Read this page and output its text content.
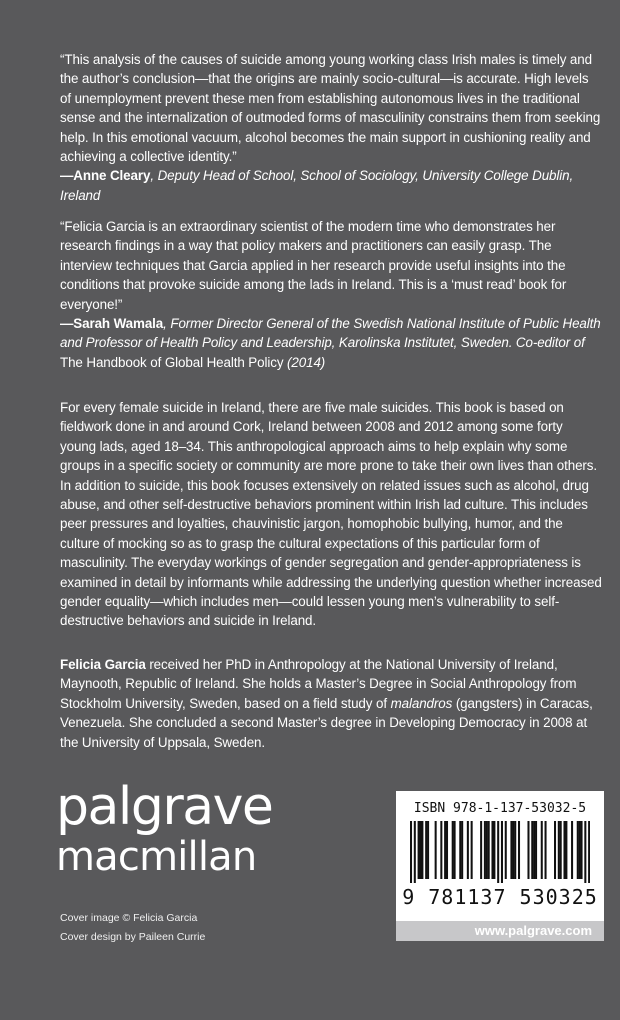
“This analysis of the causes of suicide among young working class Irish males is timely and the author’s conclusion—that the origins are mainly socio-cultural—is accurate. High levels of unemployment prevent these men from establishing autonomous lives in the traditional sense and the internalization of outmoded forms of masculinity constrains them from seeking help. In this emotional vacuum, alcohol becomes the main support in cushioning reality and achieving a collective identity.”

—Anne Cleary, Deputy Head of School, School of Sociology, University College Dublin, Ireland

“Felicia Garcia is an extraordinary scientist of the modern time who demonstrates her research findings in a way that policy makers and practitioners can easily grasp. The interview techniques that Garcia applied in her research provide useful insights into the conditions that provoke suicide among the lads in Ireland. This is a ‘must read’ book for everyone!”

—Sarah Wamala, Former Director General of the Swedish National Institute of Public Health and Professor of Health Policy and Leadership, Karolinska Institutet, Sweden. Co-editor of The Handbook of Global Health Policy (2014)

For every female suicide in Ireland, there are five male suicides. This book is based on fieldwork done in and around Cork, Ireland between 2008 and 2012 among some forty young lads, aged 18–34. This anthropological approach aims to help explain why some groups in a specific society or community are more prone to take their own lives than others. In addition to suicide, this book focuses extensively on related issues such as alcohol, drug abuse, and other self-destructive behaviors prominent within Irish lad culture. This includes peer pressures and loyalties, chauvinistic jargon, homophobic bullying, humor, and the culture of mocking so as to grasp the cultural expectations of this particular form of masculinity. The everyday workings of gender segregation and gender-appropriateness is examined in detail by informants while addressing the underlying question whether increased gender equality—which includes men—could lessen young men’s vulnerability to self-destructive behaviors and suicide in Ireland.

Felicia Garcia received her PhD in Anthropology at the National University of Ireland, Maynooth, Republic of Ireland. She holds a Master’s Degree in Social Anthropology from Stockholm University, Sweden, based on a field study of malandros (gangsters) in Caracas, Venezuela. She concluded a second Master’s degree in Developing Democracy in 2008 at the University of Uppsala, Sweden.

palgrave
macmillan
Cover image © Felicia Garcia
Cover design by Paileen Currie
ISBN 978-1-137-53032-5
9 781137 530325
www.palgrave.com
